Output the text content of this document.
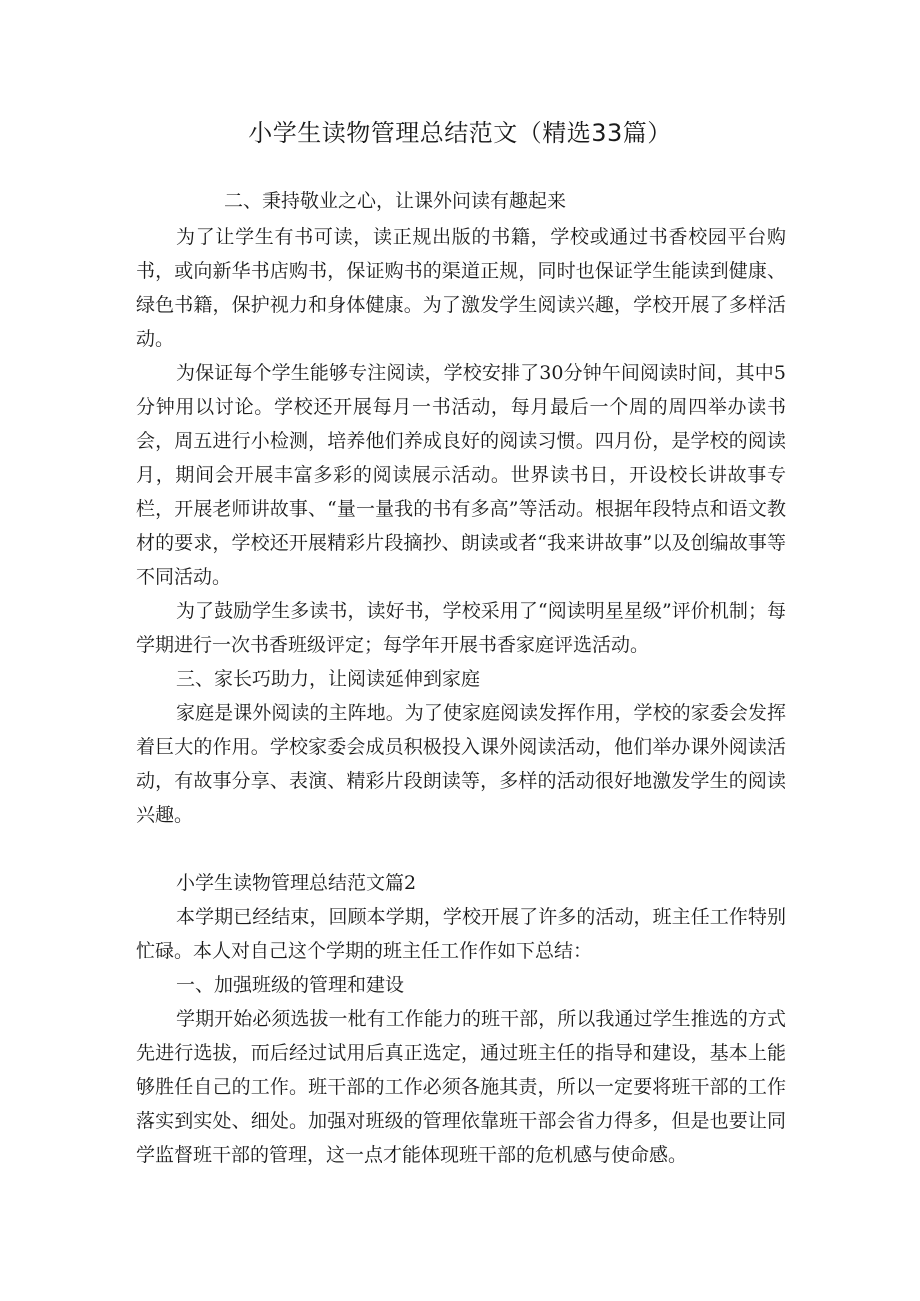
小学生读物管理总结范文（精选33篇）

二、秉持敬业之心，让课外问读有趣起来

为了让学生有书可读，读正规出版的书籍，学校或通过书香校园平台购书，或向新华书店购书，保证购书的渠道正规，同时也保证学生能读到健康、绿色书籍，保护视力和身体健康。为了激发学生阅读兴趣，学校开展了多样活动。

为保证每个学生能够专注阅读，学校安排了30分钟午间阅读时间，其中5分钟用以讨论。学校还开展每月一书活动，每月最后一个周的周四举办读书会，周五进行小检测，培养他们养成良好的阅读习惯。四月份，是学校的阅读月，期间会开展丰富多彩的阅读展示活动。世界读书日，开设校长讲故事专栏，开展老师讲故事、“量一量我的书有多高”等活动。根据年段特点和语文教材的要求，学校还开展精彩片段摘抄、朗读或者“我来讲故事”以及创编故事等不同活动。

为了鼓励学生多读书，读好书，学校采用了“阅读明星星级”评价机制；每学期进行一次书香班级评定；每学年开展书香家庭评选活动。

三、家长巧助力，让阅读延伸到家庭

家庭是课外阅读的主阵地。为了使家庭阅读发挥作用，学校的家委会发挥着巨大的作用。学校家委会成员积极投入课外阅读活动，他们举办课外阅读活动，有故事分享、表演、精彩片段朗读等，多样的活动很好地激发学生的阅读兴趣。

小学生读物管理总结范文篇2

本学期已经结束，回顾本学期，学校开展了许多的活动，班主任工作特别忙碌。本人对自己这个学期的班主任工作作如下总结：

一、加强班级的管理和建设

学期开始必须选拔一枇有工作能力的班干部，所以我通过学生推选的方式先进行选拔，而后经过试用后真正选定，通过班主任的指导和建设，基本上能够胜任自己的工作。班干部的工作必须各施其责，所以一定要将班干部的工作落实到实处、细处。加强对班级的管理依靠班干部会省力得多，但是也要让同学监督班干部的管理，这一点才能体现班干部的危机感与使命感。
